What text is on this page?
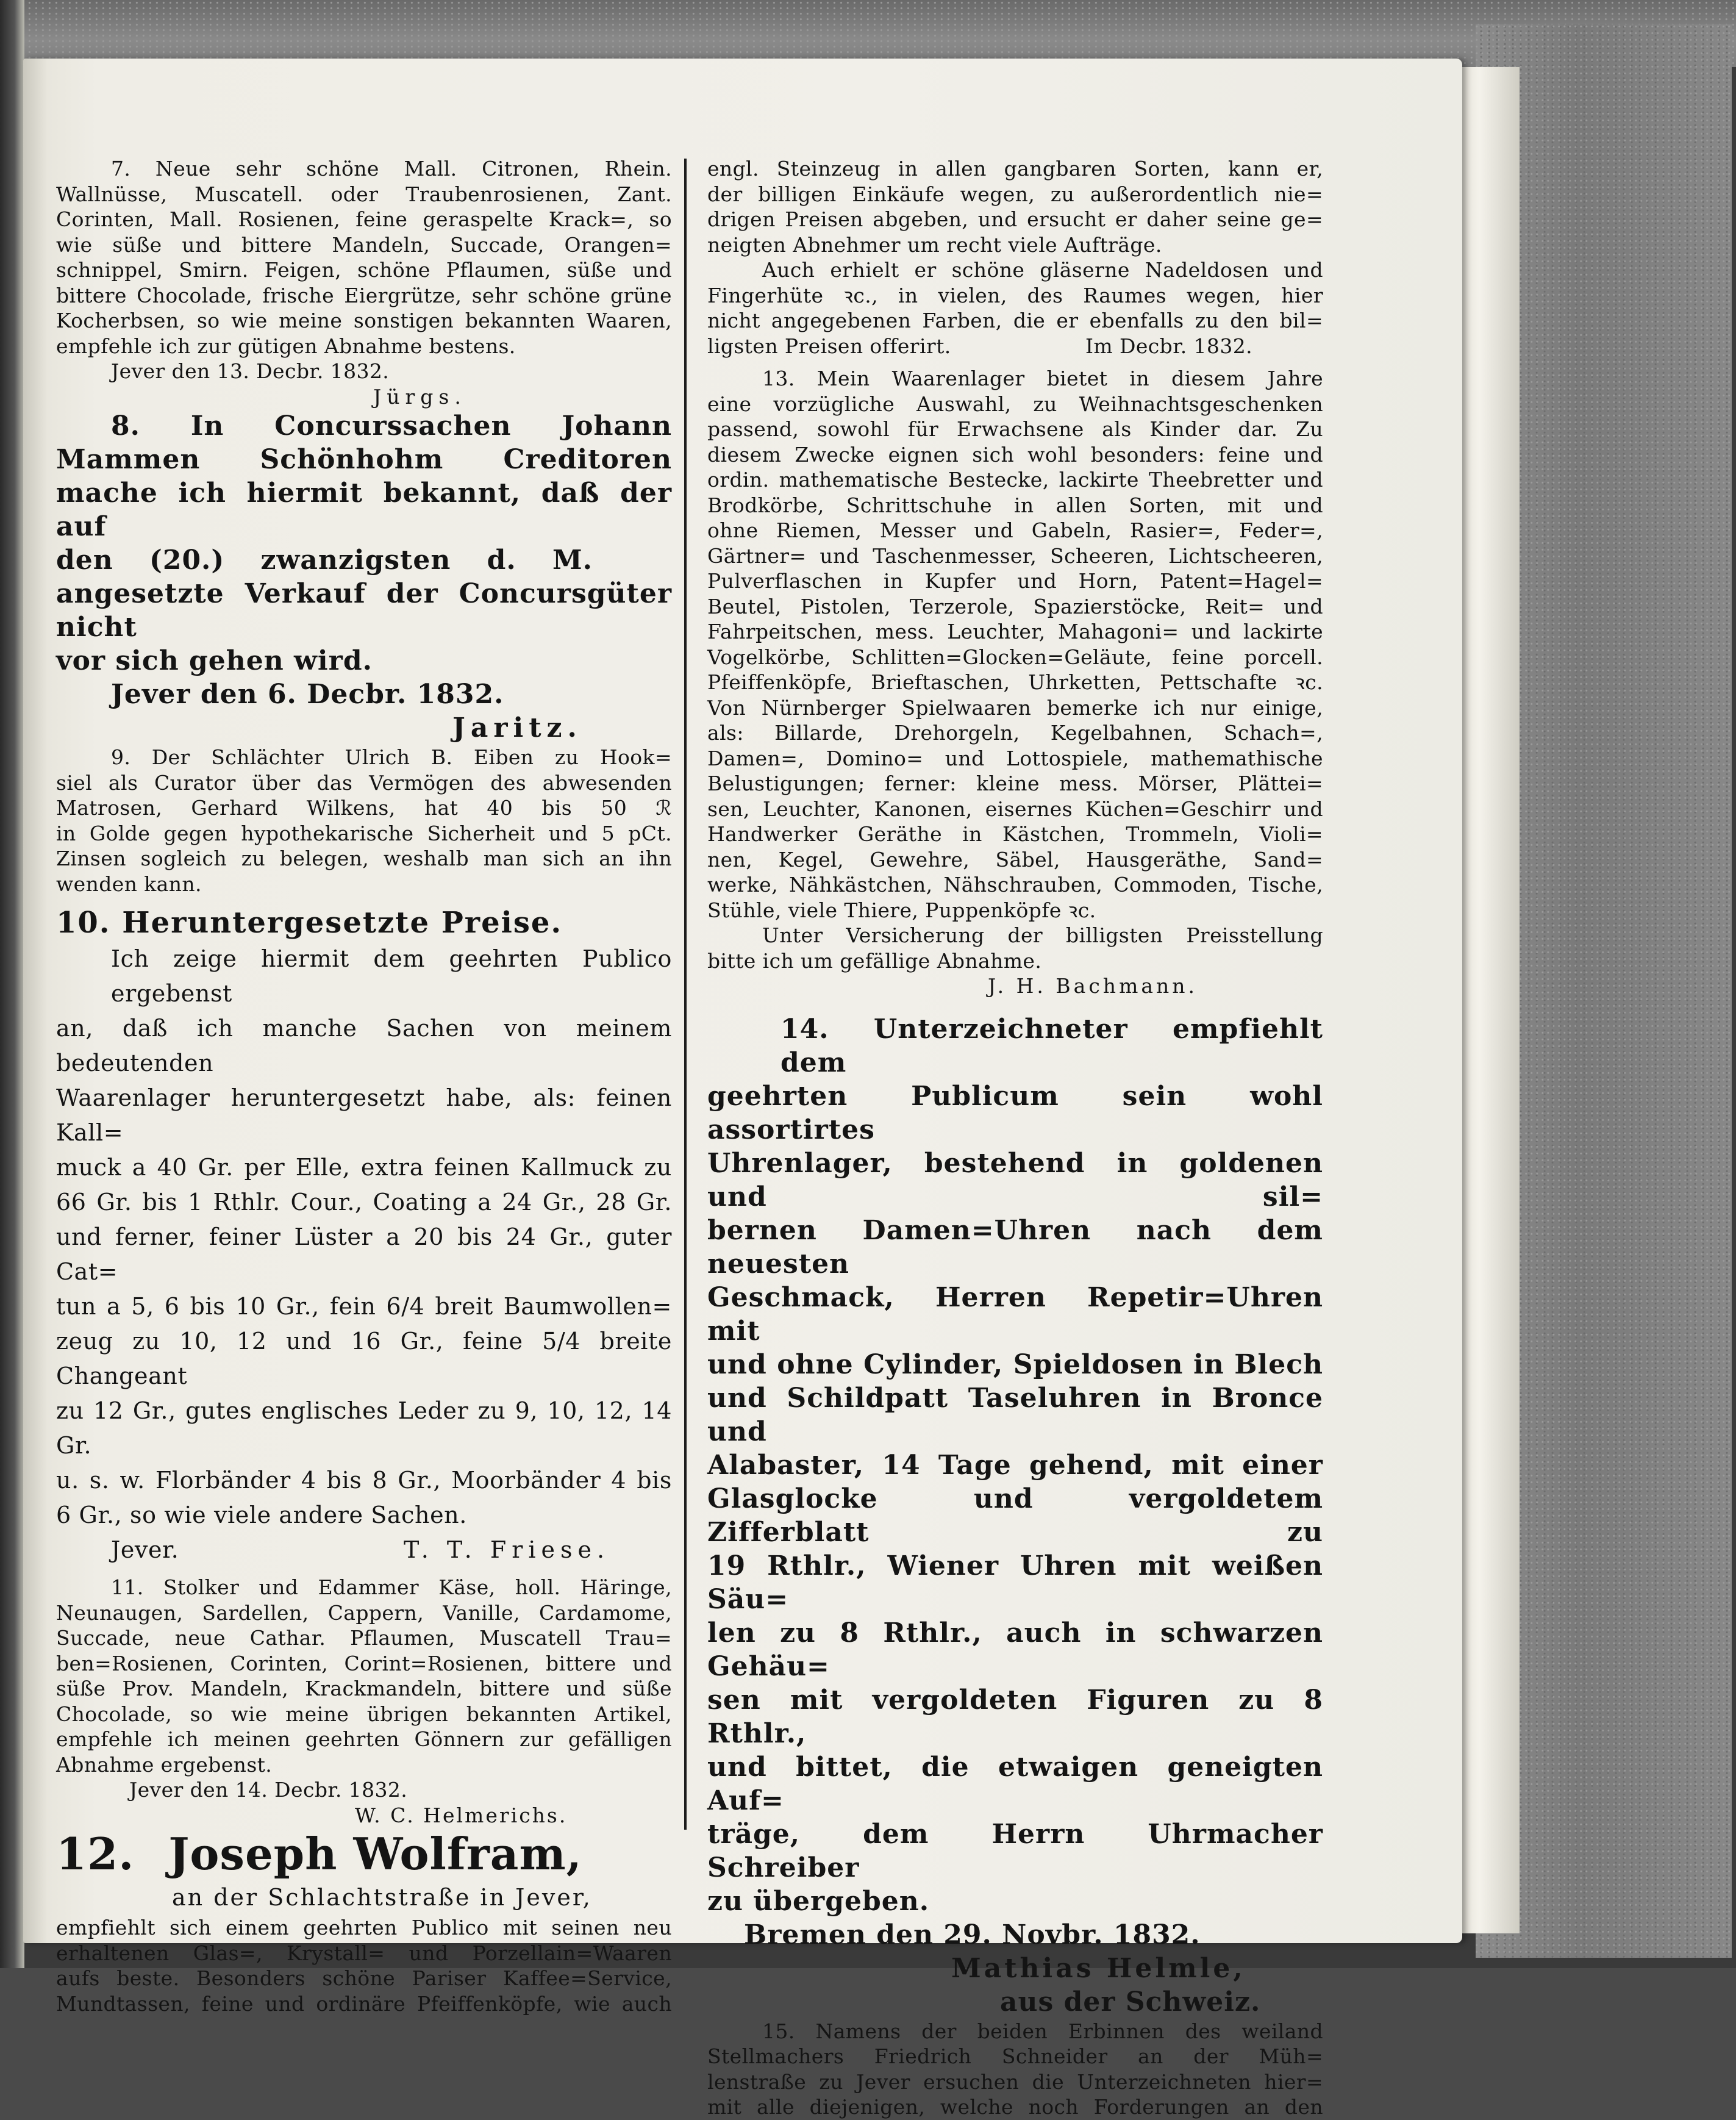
7. Neue sehr schöne Mall. Citronen, Rhein.
Wallnüsse, Muscatell. oder Traubenrosienen, Zant.
Corinten, Mall. Rosienen, feine geraspelte Krack=, so
wie süße und bittere Mandeln, Succade, Orangen=
schnippel, Smirn. Feigen, schöne Pflaumen, süße und
bittere Chocolade, frische Eiergrütze, sehr schöne grüne
Kocherbsen, so wie meine sonstigen bekannten Waaren,
empfehle ich zur gütigen Abnahme bestens.
Jever den 13. Decbr. 1832.
Jürgs.
8. In Concurssachen Johann
Mammen Schönhohm Creditoren
mache ich hiermit bekannt, daß der auf
den (20.) zwanzigsten d. M.
angesetzte Verkauf der Concursgüter nicht
vor sich gehen wird.
Jever den 6. Decbr. 1832.
Jaritz.
9. Der Schlächter Ulrich B. Eiben zu Hook=
siel als Curator über das Vermögen des abwesenden
Matrosen, Gerhard Wilkens, hat 40 bis 50 ℛ
in Golde gegen hypothekarische Sicherheit und 5 pCt.
Zinsen sogleich zu belegen, weshalb man sich an ihn
wenden kann.
10. Heruntergesetzte Preise.
Ich zeige hiermit dem geehrten Publico ergebenst
an, daß ich manche Sachen von meinem bedeutenden
Waarenlager heruntergesetzt habe, als: feinen Kall=
muck a 40 Gr. per Elle, extra feinen Kallmuck zu
66 Gr. bis 1 Rthlr. Cour., Coating a 24 Gr., 28 Gr.
und ferner, feiner Lüster a 20 bis 24 Gr., guter Cat=
tun a 5, 6 bis 10 Gr., fein 6/4 breit Baumwollen=
zeug zu 10, 12 und 16 Gr., feine 5/4 breite Changeant
zu 12 Gr., gutes englisches Leder zu 9, 10, 12, 14 Gr.
u. s. w. Florbänder 4 bis 8 Gr., Moorbänder 4 bis
6 Gr., so wie viele andere Sachen.
Jever.	T. T. Friese.
11. Stolker und Edammer Käse, holl. Häringe,
Neunaugen, Sardellen, Cappern, Vanille, Cardamome,
Succade, neue Cathar. Pflaumen, Muscatell Trau=
ben=Rosienen, Corinten, Corint=Rosienen, bittere und
süße Prov. Mandeln, Krackmandeln, bittere und süße
Chocolade, so wie meine übrigen bekannten Artikel,
empfehle ich meinen geehrten Gönnern zur gefälligen
Abnahme ergebenst.
Jever den 14. Decbr. 1832.
W. C. Helmerichs.
12. Joseph Wolfram,
an der Schlachtstraße in Jever,
empfiehlt sich einem geehrten Publico mit seinen neu
erhaltenen Glas=, Krystall= und Porzellain=Waaren
aufs beste. Besonders schöne Pariser Kaffee=Service,
Mundtassen, feine und ordinäre Pfeiffenköpfe, wie auch
engl. Steinzeug in allen gangbaren Sorten, kann er,
der billigen Einkäufe wegen, zu außerordentlich nie=
drigen Preisen abgeben, und ersucht er daher seine ge=
neigten Abnehmer um recht viele Aufträge.
Auch erhielt er schöne gläserne Nadeldosen und
Fingerhüte ꝛc., in vielen, des Raumes wegen, hier
nicht angegebenen Farben, die er ebenfalls zu den bil=
ligsten Preisen offerirt.	Im Decbr. 1832.
13. Mein Waarenlager bietet in diesem Jahre
eine vorzügliche Auswahl, zu Weihnachtsgeschenken
passend, sowohl für Erwachsene als Kinder dar. Zu
diesem Zwecke eignen sich wohl besonders: feine und
ordin. mathematische Bestecke, lackirte Theebretter und
Brodkörbe, Schrittschuhe in allen Sorten, mit und
ohne Riemen, Messer und Gabeln, Rasier=, Feder=,
Gärtner= und Taschenmesser, Scheeren, Lichtscheeren,
Pulverflaschen in Kupfer und Horn, Patent=Hagel=
Beutel, Pistolen, Terzerole, Spazierstöcke, Reit= und
Fahrpeitschen, mess. Leuchter, Mahagoni= und lackirte
Vogelkörbe, Schlitten=Glocken=Geläute, feine porcell.
Pfeiffenköpfe, Brieftaschen, Uhrketten, Pettschafte ꝛc.
Von Nürnberger Spielwaaren bemerke ich nur einige,
als: Billarde, Drehorgeln, Kegelbahnen, Schach=,
Damen=, Domino= und Lottospiele, mathemathische
Belustigungen; ferner: kleine mess. Mörser, Plättei=
sen, Leuchter, Kanonen, eisernes Küchen=Geschirr und
Handwerker Geräthe in Kästchen, Trommeln, Violi=
nen, Kegel, Gewehre, Säbel, Hausgeräthe, Sand=
werke, Nähkästchen, Nähschrauben, Commoden, Tische,
Stühle, viele Thiere, Puppenköpfe ꝛc.
Unter Versicherung der billigsten Preisstellung
bitte ich um gefällige Abnahme.
J. H. Bachmann.
14. Unterzeichneter empfiehlt dem
geehrten Publicum sein wohl assortirtes
Uhrenlager, bestehend in goldenen und sil=
bernen Damen=Uhren nach dem neuesten
Geschmack, Herren Repetir=Uhren mit
und ohne Cylinder, Spieldosen in Blech
und Schildpatt Taseluhren in Bronce und
Alabaster, 14 Tage gehend, mit einer
Glasglocke und vergoldetem Zifferblatt zu
19 Rthlr., Wiener Uhren mit weißen Säu=
len zu 8 Rthlr., auch in schwarzen Gehäu=
sen mit vergoldeten Figuren zu 8 Rthlr.,
und bittet, die etwaigen geneigten Auf=
träge, dem Herrn Uhrmacher Schreiber
zu übergeben.
Bremen den 29. Novbr. 1832.
Mathias Helmle,
aus der Schweiz.
15. Namens der beiden Erbinnen des weiland
Stellmachers Friedrich Schneider an der Müh=
lenstraße zu Jever ersuchen die Unterzeichneten hier=
mit alle diejenigen, welche noch Forderungen an den
